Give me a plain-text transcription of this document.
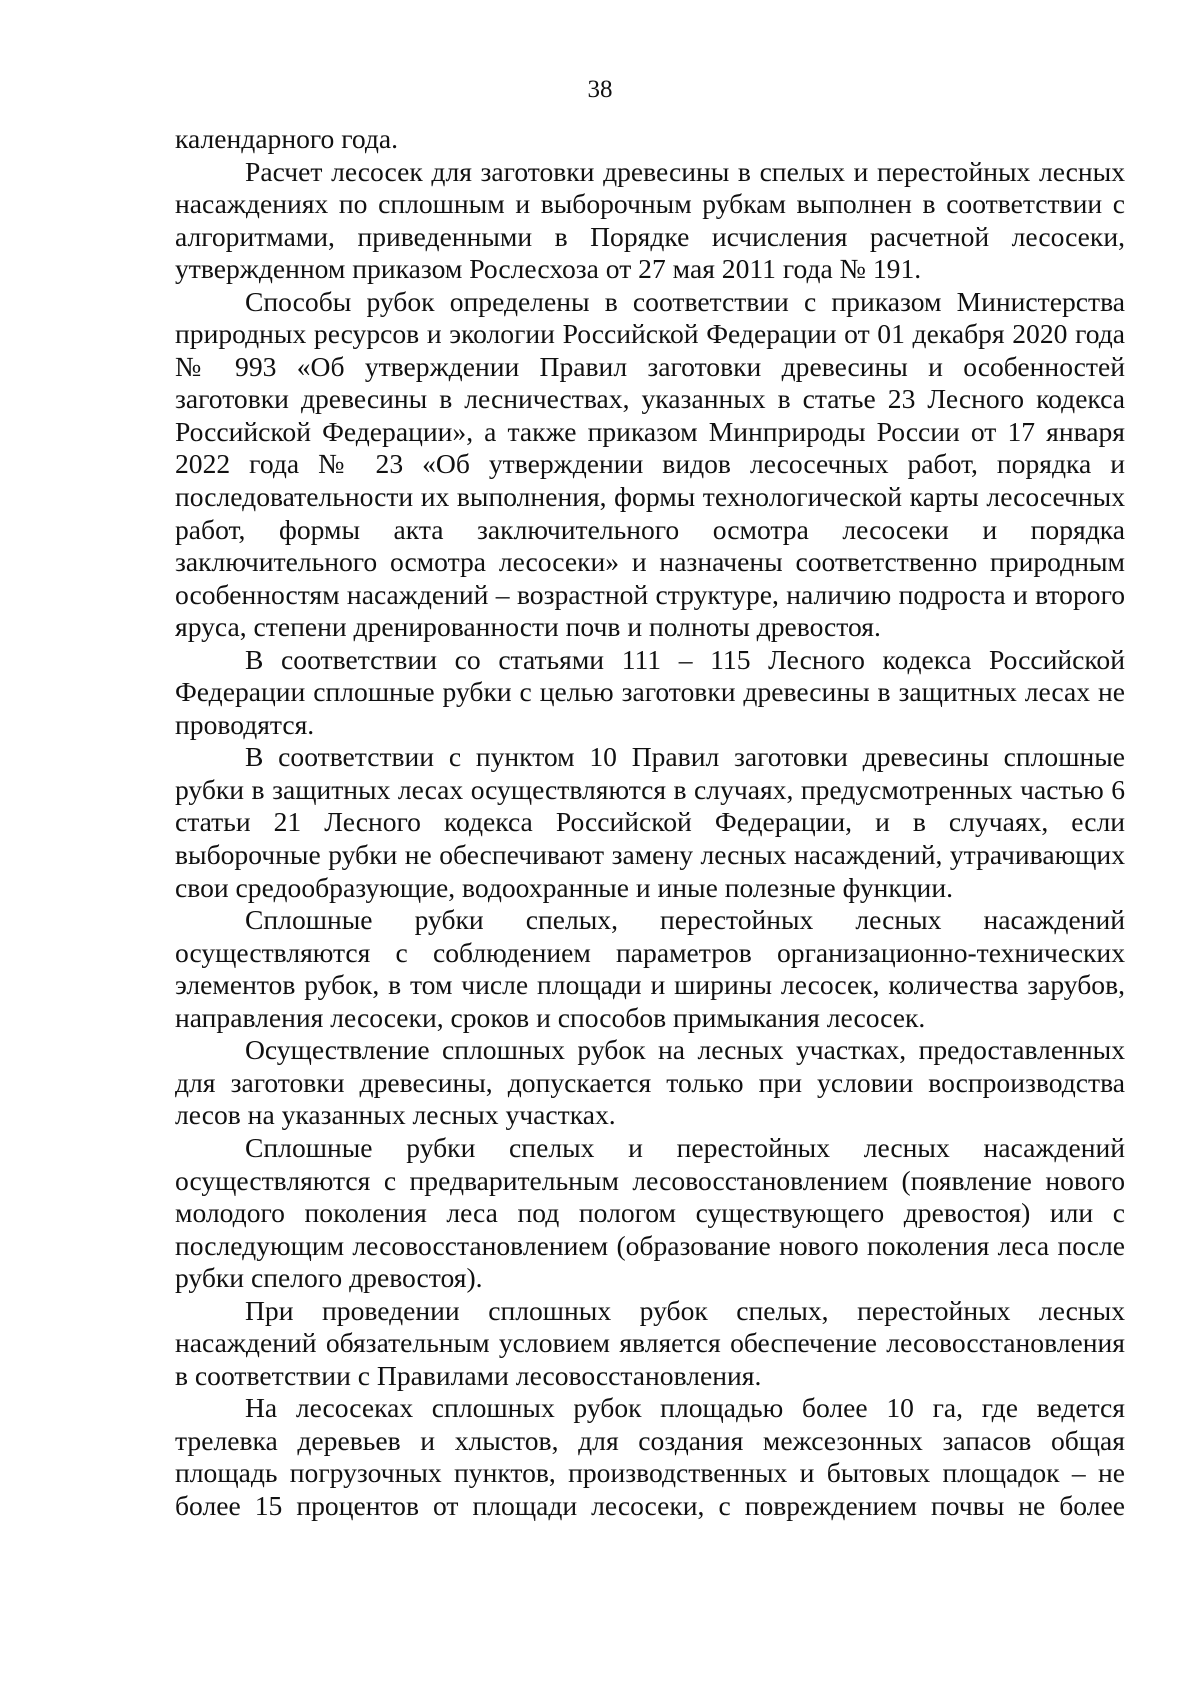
38

календарного года.

Расчет лесосек для заготовки древесины в спелых и перестойных лесных насаждениях по сплошным и выборочным рубкам выполнен в соответствии с алгоритмами, приведенными в Порядке исчисления расчетной лесосеки, утвержденном приказом Рослесхоза от 27 мая 2011 года № 191.

Способы рубок определены в соответствии с приказом Министерства природных ресурсов и экологии Российской Федерации от 01 декабря 2020 года № 993 «Об утверждении Правил заготовки древесины и особенностей заготовки древесины в лесничествах, указанных в статье 23 Лесного кодекса Российской Федерации», а также приказом Минприроды России от 17 января 2022 года № 23 «Об утверждении видов лесосечных работ, порядка и последовательности их выполнения, формы технологической карты лесосечных работ, формы акта заключительного осмотра лесосеки и порядка заключительного осмотра лесосеки» и назначены соответственно природным особенностям насаждений – возрастной структуре, наличию подроста и второго яруса, степени дренированности почв и полноты древостоя.

В соответствии со статьями 111 – 115 Лесного кодекса Российской Федерации сплошные рубки с целью заготовки древесины в защитных лесах не проводятся.

В соответствии с пунктом 10 Правил заготовки древесины сплошные рубки в защитных лесах осуществляются в случаях, предусмотренных частью 6 статьи 21 Лесного кодекса Российской Федерации, и в случаях, если выборочные рубки не обеспечивают замену лесных насаждений, утрачивающих свои средообразующие, водоохранные и иные полезные функции.

Сплошные рубки спелых, перестойных лесных насаждений осуществляются с соблюдением параметров организационно-технических элементов рубок, в том числе площади и ширины лесосек, количества зарубов, направления лесосеки, сроков и способов примыкания лесосек.

Осуществление сплошных рубок на лесных участках, предоставленных для заготовки древесины, допускается только при условии воспроизводства лесов на указанных лесных участках.

Сплошные рубки спелых и перестойных лесных насаждений осуществляются с предварительным лесовосстановлением (появление нового молодого поколения леса под пологом существующего древостоя) или с последующим лесовосстановлением (образование нового поколения леса после рубки спелого древостоя).

При проведении сплошных рубок спелых, перестойных лесных насаждений обязательным условием является обеспечение лесовосстановления в соответствии с Правилами лесовосстановления.

На лесосеках сплошных рубок площадью более 10 га, где ведется трелевка деревьев и хлыстов, для создания межсезонных запасов общая площадь погрузочных пунктов, производственных и бытовых площадок – не более 15 процентов от площади лесосеки, с повреждением почвы не более
